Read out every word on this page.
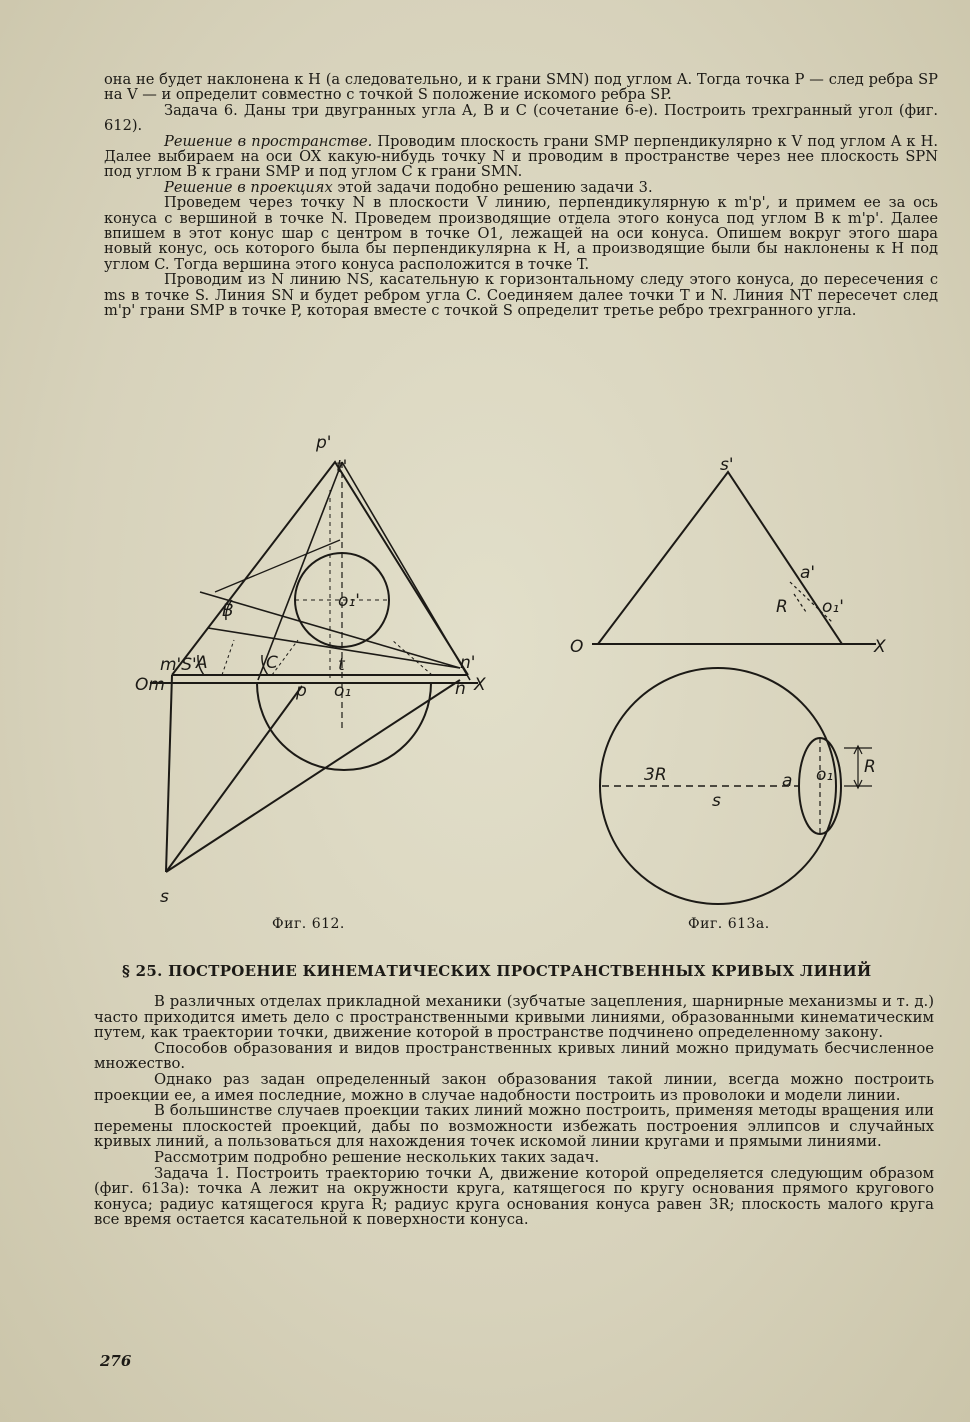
она не будет наклонена к H (а следовательно, и к грани SMN) под углом A. Тогда точка P — след ребра SP на V — и определит совместно с точкой S положение искомого ребра SP.

Задача 6. Даны три двугранных угла A, B и C (сочетание 6-е). Построить трехгранный угол (фиг. 612).

Решение в пространстве. Проводим плоскость грани SMP перпендикулярно к V под углом A к H. Далее выбираем на оси OX какую-нибудь точку N и проводим в пространстве через нее плоскость SPN под углом B к грани SMP и под углом C к грани SMN.

Решение в проекциях этой задачи подобно решению задачи 3.

Проведем через точку N в плоскости V линию, перпендикулярную к m'p', и примем ее за ось конуса с вершиной в точке N. Проведем производящие отдела этого конуса под углом B к m'p'. Далее впишем в этот конус шар с центром в точке O1, лежащей на оси конуса. Опишем вокруг этого шара новый конус, ось которого была бы перпендикулярна к H, а производящие были бы наклонены к H под углом C. Тогда вершина этого конуса расположится в точке T.

Проводим из N линию NS, касательную к горизонтальному следу этого конуса, до пересечения с ms в точке S. Линия SN и будет ребром угла C. Соединяем далее точки T и N. Линия NT пересечет след m'p' грани SMP в точке P, которая вместе с точкой S определит третье ребро трехгранного угла.

p'
t'
o₁'
B
A	C
m'S'
Om
n'
n X
t
p o₁
s
s'
a'
R o₁'
O	X
3R
s
a o₁ R
Фиг. 612.	Фиг. 613а.
§ 25. ПОСТРОЕНИЕ КИНЕМАТИЧЕСКИХ ПРОСТРАНСТВЕННЫХ КРИВЫХ ЛИНИЙ

В различных отделах прикладной механики (зубчатые зацепления, шарнирные механизмы и т. д.) часто приходится иметь дело с пространственными кривыми линиями, образованными кинематическим путем, как траектории точки, движение которой в пространстве подчинено определенному закону.

Способов образования и видов пространственных кривых линий можно придумать бесчисленное множество.

Однако раз задан определенный закон образования такой линии, всегда можно построить проекции ее, а имея последние, можно в случае надобности построить из проволоки и модели линии.

В большинстве случаев проекции таких линий можно построить, применяя методы вращения или перемены плоскостей проекций, дабы по возможности избежать построения эллипсов и случайных кривых линий, а пользоваться для нахождения точек искомой линии кругами и прямыми линиями.

Рассмотрим подробно решение нескольких таких задач.

Задача 1. Построить траекторию точки A, движение которой определяется следующим образом (фиг. 613а): точка A лежит на окружности круга, катящегося по кругу основания прямого кругового конуса; радиус катящегося круга R; радиус круга основания конуса равен 3R; плоскость малого круга все время остается касательной к поверхности конуса.

276
